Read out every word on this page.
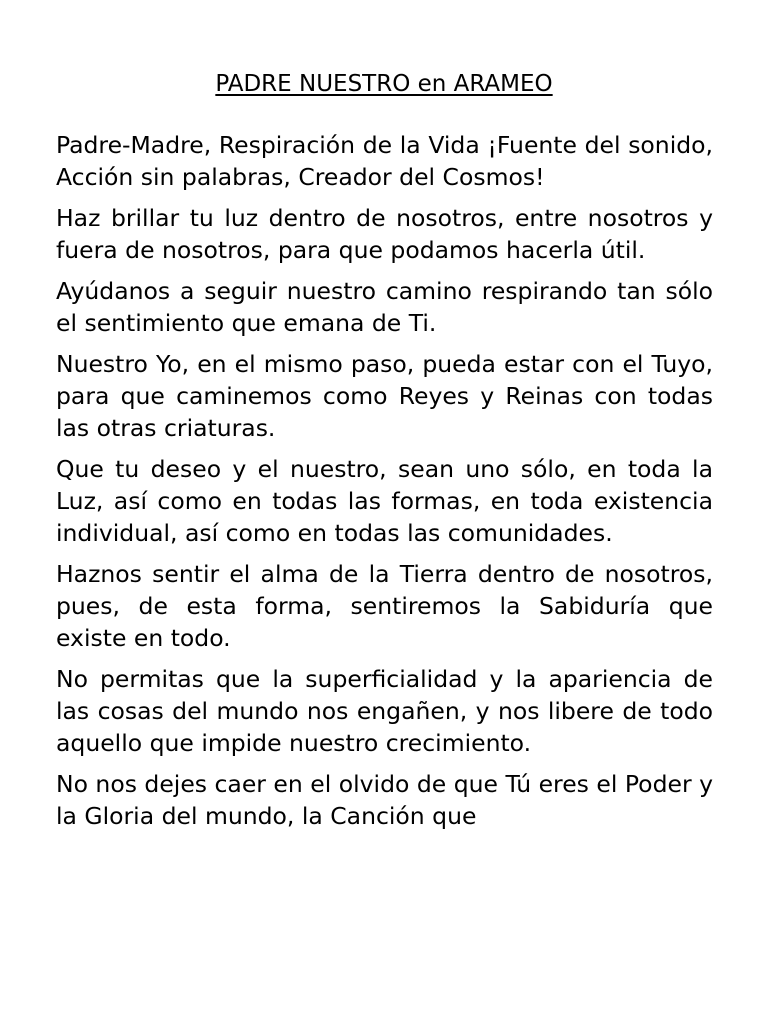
PADRE NUESTRO en ARAMEO

Padre-Madre, Respiración de la Vida ¡Fuente del sonido, Acción sin palabras, Creador del Cosmos!

Haz brillar tu luz dentro de nosotros, entre nosotros y fuera de nosotros, para que podamos hacerla útil.

Ayúdanos a seguir nuestro camino respirando tan sólo el sentimiento que emana de Ti.

Nuestro Yo, en el mismo paso, pueda estar con el Tuyo, para que caminemos como Reyes y Reinas con todas las otras criaturas.

Que tu deseo y el nuestro, sean uno sólo, en toda la Luz, así como en todas las formas, en toda existencia individual, así como en todas las comunidades.

Haznos sentir el alma de la Tierra dentro de nosotros, pues, de esta forma, sentiremos la Sabiduría que existe en todo.

No permitas que la superficialidad y la apariencia de las cosas del mundo nos engañen, y nos libere de todo aquello que impide nuestro crecimiento.

No nos dejes caer en el olvido de que Tú eres el Poder y la Gloria del mundo, la Canción que
